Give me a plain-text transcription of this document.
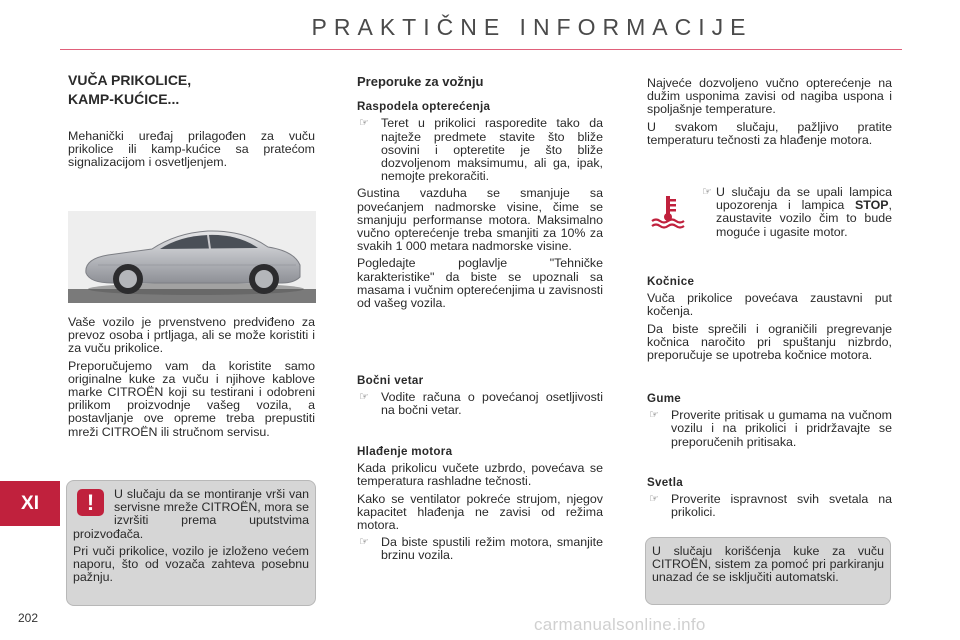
PRAKTIČNE INFORMACIJE
XI
202	carmanualsonline.info

VUČA PRIKOLICE,

KAMP-KUĆICE...

Mehanički uređaj prilagođen za vuču prikolice ili kamp-kućice sa pratećom signalizacijom i osvetljenjem.

Vaše vozilo je prvenstveno predviđeno za prevoz osoba i prtljaga, ali se može koristiti i za vuču prikolice.

Preporučujemo vam da koristite samo originalne kuke za vuču i njihove kablove marke CITROËN koji su testirani i odobreni prilikom proizvodnje vašeg vozila, a postavljanje ove opreme treba prepustiti mreži CITROËN ili stručnom servisu.

!	U slučaju da se montiranje vrši van servisne mreže CITROËN, mora se izvršiti prema uputstvima proizvođača.

Pri vuči prikolice, vozilo je izloženo većem naporu, što od vozača zahteva posebnu pažnju.

Preporuke za vožnju

Raspodela opterećenja

☞ Teret u prikolici rasporedite tako da najteže predmete stavite što bliže osovini i opteretite je što bliže dozvoljenom maksimumu, ali ga, ipak, nemojte prekoračiti.

Gustina vazduha se smanjuje sa povećanjem nadmorske visine, čime se smanjuju performanse motora. Maksimalno vučno opterećenje treba smanjiti za 10% za svakih 1 000 metara nadmorske visine.

Pogledajte poglavlje "Tehničke karakteristike" da biste se upoznali sa masama i vučnim opterećenjima u zavisnosti od vašeg vozila.

Bočni vetar

☞ Vodite računa o povećanoj osetljivosti na bočni vetar.

Hlađenje motora

Kada prikolicu vučete uzbrdo, povećava se temperatura rashladne tečnosti.

Kako se ventilator pokreće strujom, njegov kapacitet hlađenja ne zavisi od režima motora.

☞ Da biste spustili režim motora, smanjite brzinu vozila.

Najveće dozvoljeno vučno opterećenje na dužim usponima zavisi od nagiba uspona i spoljašnje temperature.

U svakom slučaju, pažljivo pratite temperaturu tečnosti za hlađenje motora.

☞ U slučaju da se upali lampica upozorenja i lampica STOP, zaustavite vozilo čim to bude moguće i ugasite motor.

Kočnice

Vuča prikolice povećava zaustavni put kočenja.

Da biste sprečili i ograničili pregrevanje kočnica naročito pri spuštanju nizbrdo, preporučuje se upotreba kočnice motora.

Gume

☞ Proverite pritisak u gumama na vučnom vozilu i na prikolici i pridržavajte se preporučenih pritisaka.

Svetla

☞ Proverite ispravnost svih svetala na prikolici.

U slučaju korišćenja kuke za vuču CITROËN, sistem za pomoć pri parkiranju unazad će se isključiti automatski.
